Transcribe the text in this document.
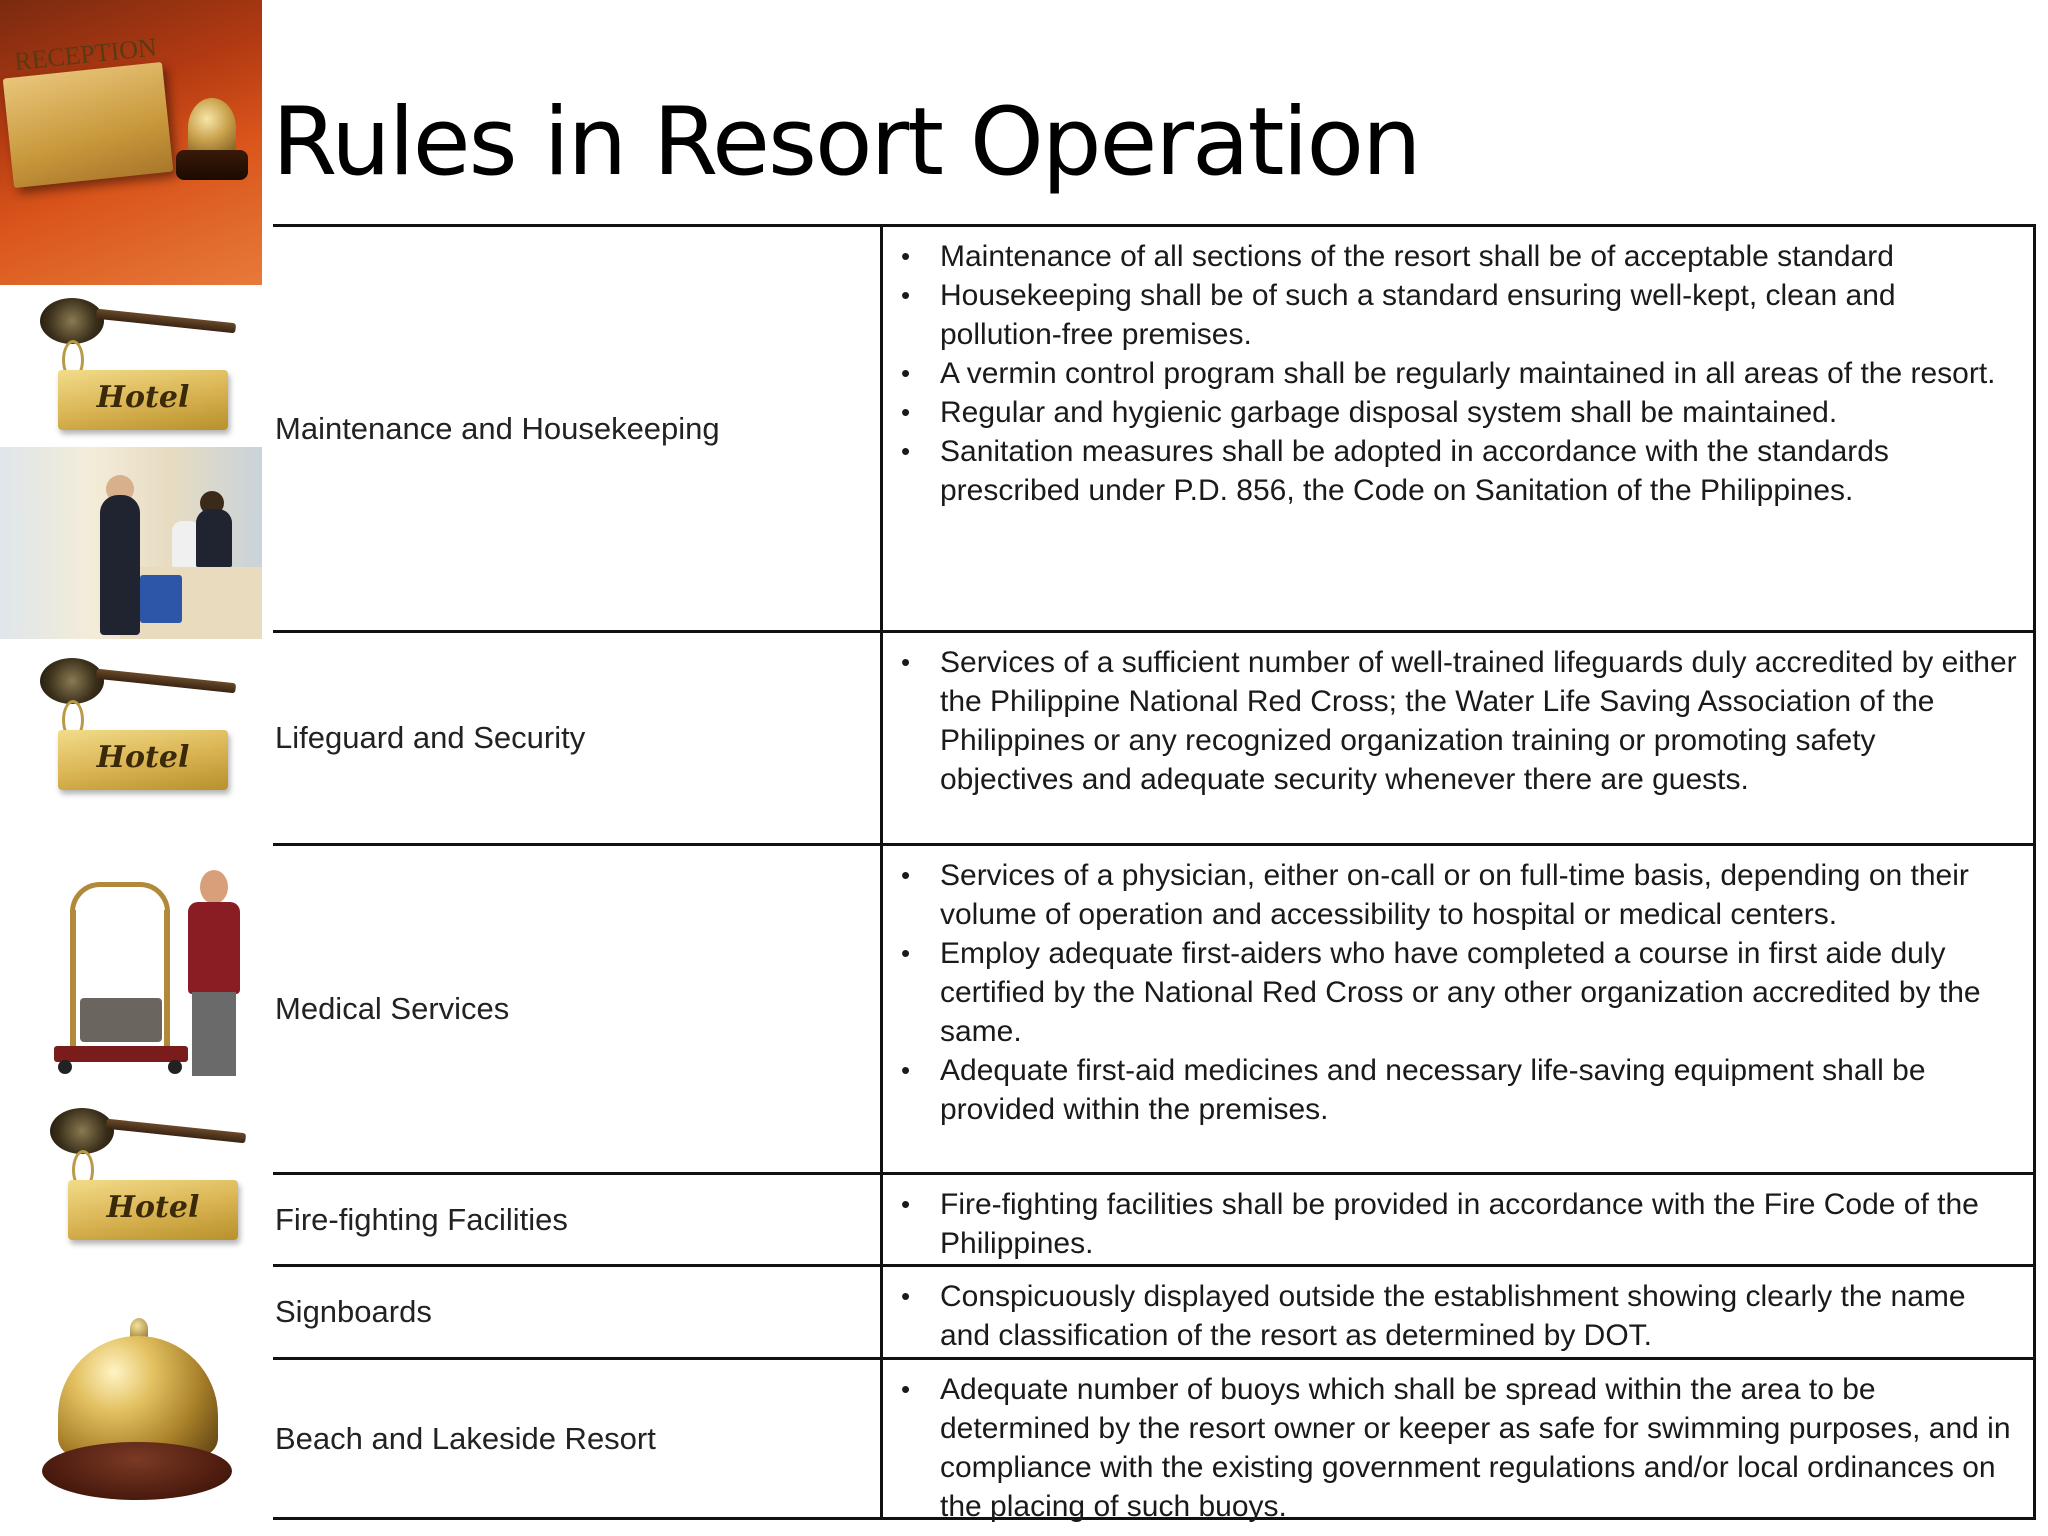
RECEPTION
Hotel
Hotel
Hotel
Rules in Resort Operation
Maintenance and Housekeeping
• Maintenance of all sections of the resort shall be of acceptable standard
• Housekeeping shall be of such a standard ensuring well-kept, clean and pollution-free premises.
• A vermin control program shall be regularly maintained in all areas of the resort.
• Regular and hygienic garbage disposal system shall be maintained.
• Sanitation measures shall be adopted in accordance with the standards prescribed under P.D. 856, the Code on Sanitation of the Philippines.
Lifeguard and Security
• Services of a sufficient number of well-trained lifeguards duly accredited by either the Philippine National Red Cross; the Water Life Saving Association of the Philippines or any recognized organization training or promoting safety objectives and adequate security whenever there are guests.
Medical Services
• Services of a physician, either on-call or on full-time basis, depending on their volume of operation and accessibility to hospital or medical centers.
• Employ adequate first-aiders who have completed a course in first aide duly certified by the National Red Cross or any other organization accredited by the same.
• Adequate first-aid medicines and necessary life-saving equipment shall be provided within the premises.
Fire-fighting Facilities	• Fire-fighting facilities shall be provided in accordance with the Fire Code of the Philippines.
Signboards	• Conspicuously displayed outside the establishment showing clearly the name and classification of the resort as determined by DOT.
Beach and Lakeside Resort
• Adequate number of buoys which shall be spread within the area to be determined by the resort owner or keeper as safe for swimming purposes, and in compliance with the existing government regulations and/or local ordinances on the placing of such buoys.
